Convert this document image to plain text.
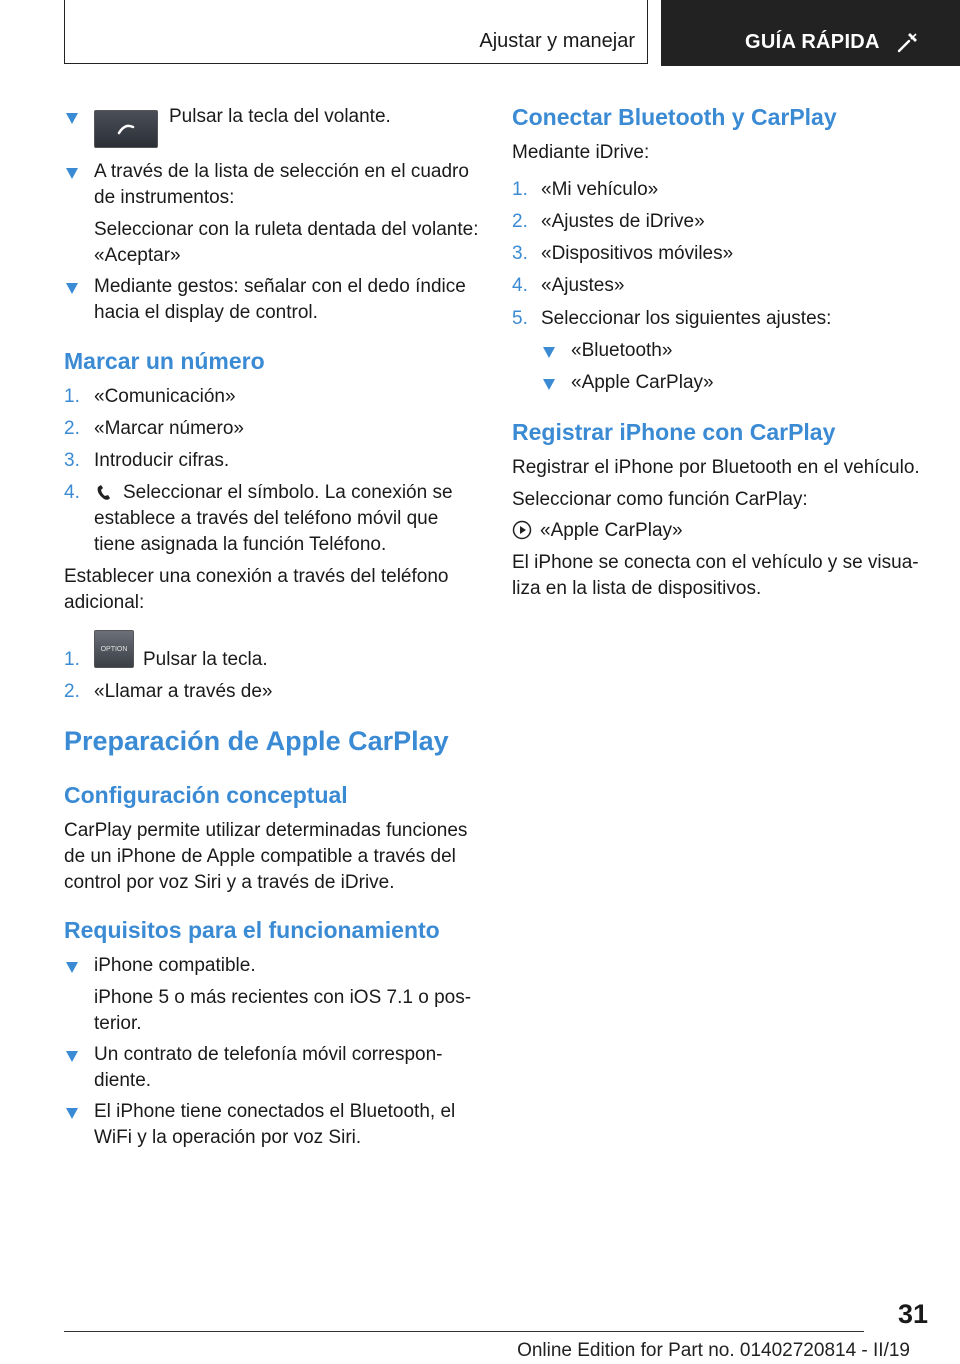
Ajustar y manejar	GUÍA RÁPIDA
Pulsar la tecla del volante.
A través de la lista de selección en el cuadro
de instrumentos:
Seleccionar con la ruleta dentada del volante:
«Aceptar»
Mediante gestos: señalar con el dedo índice
hacia el display de control.
Marcar un número
1. «Comunicación»
2. «Marcar número»
3. Introducir cifras.
4. Seleccionar el símbolo. La conexión se
establece a través del teléfono móvil que
tiene asignada la función Teléfono.
Establecer una conexión a través del teléfono
adicional:
1.	OPTION Pulsar la tecla.
2. «Llamar a través de»
Preparación de Apple CarPlay
Configuración conceptual
CarPlay permite utilizar determinadas funciones
de un iPhone de Apple compatible a través del
control por voz Siri y a través de iDrive.
Requisitos para el funcionamiento
iPhone compatible.
iPhone 5 o más recientes con iOS 7.1 o pos‐
terior.
Un contrato de telefonía móvil correspon‐
diente.
El iPhone tiene conectados el Bluetooth, el
WiFi y la operación por voz Siri.
Conectar Bluetooth y CarPlay
Mediante iDrive:
1. «Mi vehículo»
2. «Ajustes de iDrive»
3. «Dispositivos móviles»
4. «Ajustes»
5. Seleccionar los siguientes ajustes:
«Bluetooth»
«Apple CarPlay»
Registrar iPhone con CarPlay
Registrar el iPhone por Bluetooth en el vehículo.
Seleccionar como función CarPlay:
«Apple CarPlay»
El iPhone se conecta con el vehículo y se visua‐
liza en la lista de dispositivos.
31
Online Edition for Part no. 01402720814 - II/19
